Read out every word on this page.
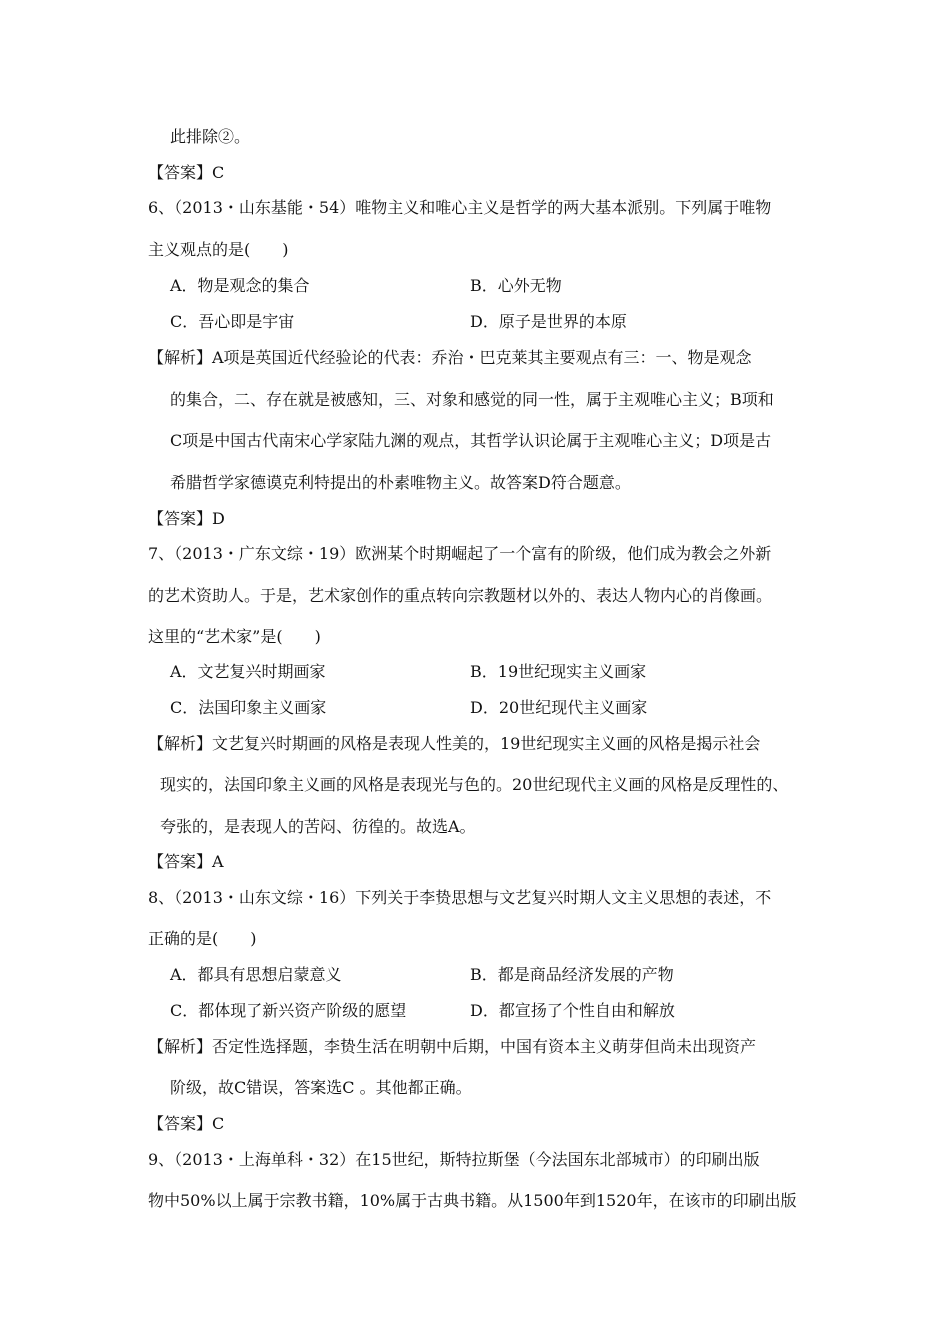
此排除②。
【答案】C
6、（2013・山东基能・54）唯物主义和唯心主义是哲学的两大基本派别。下列属于唯物
主义观点的是(　　)
A．物是观念的集合	B．心外无物
C．吾心即是宇宙	D．原子是世界的本原
【解析】A项是英国近代经验论的代表：乔治・巴克莱其主要观点有三：一、物是观念
的集合，二、存在就是被感知，三、对象和感觉的同一性，属于主观唯心主义；B项和
C项是中国古代南宋心学家陆九渊的观点，其哲学认识论属于主观唯心主义；D项是古
希腊哲学家德谟克利特提出的朴素唯物主义。故答案D符合题意。
【答案】D
7、（2013・广东文综・19）欧洲某个时期崛起了一个富有的阶级，他们成为教会之外新
的艺术资助人。于是，艺术家创作的重点转向宗教题材以外的、表达人物内心的肖像画。
这里的“艺术家”是(　　)
A．文艺复兴时期画家	B．19世纪现实主义画家
C．法国印象主义画家	D．20世纪现代主义画家
【解析】文艺复兴时期画的风格是表现人性美的，19世纪现实主义画的风格是揭示社会
现实的，法国印象主义画的风格是表现光与色的。20世纪现代主义画的风格是反理性的、
夸张的，是表现人的苦闷、彷徨的。故选A。
【答案】A
8、（2013・山东文综・16）下列关于李贽思想与文艺复兴时期人文主义思想的表述，不
正确的是(　　)
A．都具有思想启蒙意义	B．都是商品经济发展的产物
C．都体现了新兴资产阶级的愿望	D．都宣扬了个性自由和解放
【解析】否定性选择题，李贽生活在明朝中后期，中国有资本主义萌芽但尚未出现资产
阶级，故C错误，答案选C 。其他都正确。
【答案】C
9、（2013・上海单科・32）在15世纪，斯特拉斯堡（今法国东北部城市）的印刷出版
物中50%以上属于宗教书籍，10%属于古典书籍。从1500年到1520年，在该市的印刷出版
